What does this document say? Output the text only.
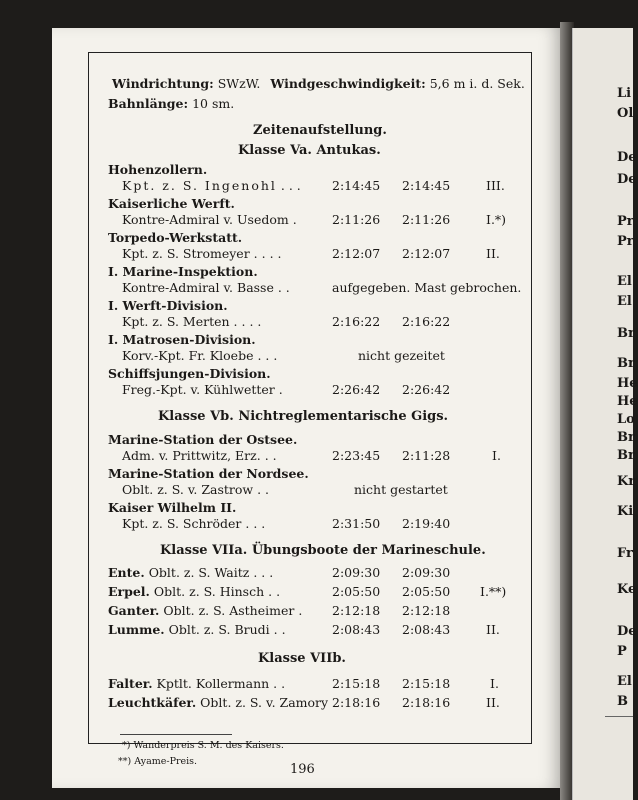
Li
Ol
De
De
Pr
Pr
El
El
Br
Br
He
He
Lo
Br
Br
Kr
Ki
Fr
Ke
De
P
El
B
Windrichtung: SWzW. Windgeschwindigkeit: 5,6 m i. d. Sek.
Bahnlänge: 10 sm.
Zeitenaufstellung.
Klasse Va. Antukas.
Hohenzollern.
Kpt. z. S. Ingenohl . . . 2:14:45 2:14:45	III.
Kaiserliche Werft.
Kontre-Admiral v. Usedom .	2:11:26 2:11:26	I.*)
Torpedo-Werkstatt.
Kpt. z. S. Stromeyer . . . .	2:12:07 2:12:07	II.
I. Marine-Inspektion.
Kontre-Admiral v. Basse . .	aufgegeben. Mast gebrochen.
I. Werft-Division.
Kpt. z. S. Merten . . . .	2:16:22 2:16:22
I. Matrosen-Division.
Korv.-Kpt. Fr. Kloebe . . .	nicht gezeitet
Schiffsjungen-Division.
Freg.-Kpt. v. Kühlwetter .	2:26:42 2:26:42
Klasse Vb. Nichtreglementarische Gigs.
Marine-Station der Ostsee.
Adm. v. Prittwitz, Erz. . .	2:23:45 2:11:28	I.
Marine-Station der Nordsee.
Oblt. z. S. v. Zastrow . .	nicht gestartet
Kaiser Wilhelm II.
Kpt. z. S. Schröder . . .	2:31:50 2:19:40
Klasse VIIa. Übungsboote der Marineschule.
Ente. Oblt. z. S. Waitz . . .	2:09:30 2:09:30
Erpel. Oblt. z. S. Hinsch . .	2:05:50 2:05:50 I.**)
Ganter. Oblt. z. S. Astheimer . 2:12:18 2:12:18
Lumme. Oblt. z. S. Brudi . .	2:08:43 2:08:43	II.
Klasse VIIb.
Falter. Kptlt. Kollermann . .	2:15:18 2:15:18	I.
Leuchtkäfer. Oblt. z. S. v. Zamory 2:18:16 2:18:16	II.
*) Wanderpreis S. M. des Kaisers.
**) Ayame-Preis.
196
